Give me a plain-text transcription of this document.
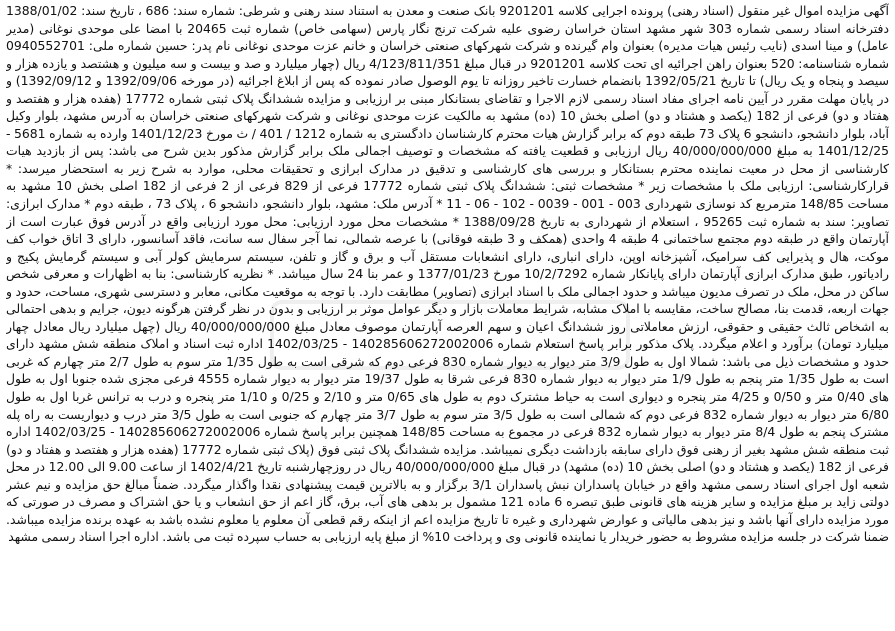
آگهی مزایده اموال غیر منقول (اسناد رهنی) پرونده اجرایی کلاسه 9201201 بانک صنعت و معدن به استناد سند رهنی و شرطی: شماره سند: 686 ، تاریخ سند: 1388/01/02 دفترخانه اسناد رسمی شماره 303 شهر مشهد استان خراسان رضوی علیه شرکت ترنج نگار پارس (سهامی خاص) شماره ثبت 20465 با امضا علی موحدی نوغانی (مدیر عامل) و مینا اسدی (نایب رئیس هیات مدیره) بعنوان وام گیرنده و شرکت شهرکهای صنعتی خراسان و خانم عزت موحدی نوغانی نام پدر: حسین شماره ملی: 0940552701 شماره شناسنامه: 520 بعنوان راهن اجرائیه ای تحت کلاسه 9201201 در قبال مبلغ 4/123/811/351 ریال (چهار میلیارد و صد و بیست و سه میلیون و هشتصد و یازده هزار و سیصد و پنجاه و یک ریال) تا تاریخ 1392/05/21 بانضمام خسارت تاخیر روزانه تا یوم الوصول صادر نموده که پس از ابلاغ اجرائیه (در مورخه 1392/09/06 و 1392/09/12) و در پایان مهلت مقرر در آیین نامه اجرای مفاد اسناد رسمی لازم الاجرا و تقاضای بستانکار مبنی بر ارزیابی و مزایده ششدانگ پلاک ثبتی شماره 17772 (هفده هزار و هفتصد و هفتاد و دو) فرعی از 182 (یکصد و هشتاد و دو) اصلی بخش 10 (ده) مشهد به مالکیت عزت موحدی نوغانی و شرکت شهرکهای صنعتی خراسان به آدرس مشهد، بلوار وکیل آباد، بلوار دانشجو، دانشجو 6 پلاک 73 طبقه دوم که برابر گزارش هیات محترم کارشناسان دادگستری به شماره 1212 / 401 / ث مورخ 1401/12/23 وارده به شماره 5681 - 1401/12/25 به مبلغ 40/000/000/000 ریال ارزیابی و قطعیت یافته که مشخصات و توصیف اجمالی ملک برابر گزارش مذکور بدین شرح می باشد: پس از بازدید هیات کارشناسی از محل در معیت نماینده محترم بستانکار و بررسی های کارشناسی و تدقیق در مدارک ابرازی و تحقیقات محلی، موارد به شرح زیر به استحضار میرسد: * قرارکارشناسی: ارزیابی ملک با مشخصات زیر * مشخصات ثبتی: ششدانگ پلاک ثبتی شماره 17772 فرعی از 829 فرعی از 2 فرعی از 182 اصلی بخش 10 مشهد به مساحت 148/85 مترمربع کد نوسازی شهرداری 003 - 001 - 0039 - 102 - 06 - 11 * آدرس ملک: مشهد، بلوار دانشجو، دانشجو 6 ، پلاک 73 ، طبقه دوم * مدارک ابرازی: تصاویر: سند به شماره ثبت 95265 ، استعلام از شهرداری به تاریخ 1388/09/28 * مشخصات محل مورد ارزیابی: محل مورد ارزیابی واقع در آدرس فوق عبارت است از آپارتمان واقع در طبقه دوم مجتمع ساختمانی 4 طبقه 4 واحدی (همکف و 3 طبقه فوقانی) با عرصه شمالی، نما آجر سفال سه سانت، فاقد آسانسور، دارای 3 اتاق خواب کف موکت، هال و پذیرایی کف سرامیک، آشپزخانه اوپن، دارای انباری، دارای انشعابات مستقل آب و برق و گاز و تلفن، سیستم سرمایش کولر آبی و سیستم گرمایش پکیج و رادیاتور، طبق مدارک ابرازی آپارتمان دارای پایانکار شماره 10/2/7292 مورخ 1377/01/23 و عمر بنا 24 سال میباشد. * نظریه کارشناسی: بنا به اظهارات و معرفی شخص ساکن در محل، ملک در تصرف مدیون میباشد و حدود اجمالی ملک با اسناد ابرازی (تصاویر) مطابقت دارد. با توجه به موقعیت مکانی، معابر و دسترسی شهری، مساحت، حدود و جهات اربعه، قدمت بنا، مصالح ساخت، مقایسه با املاک مشابه، شرایط معاملات بازار و دیگر عوامل موثر بر ارزیابی و بدون در نظر گرفتن هرگونه دیون، جرایم و بدهی احتمالی به اشخاص ثالث حقیقی و حقوقی، ارزش معاملاتی روز ششدانگ اعیان و سهم العرصه آپارتمان موصوف معادل مبلغ 40/000/000/000 ریال (چهل میلیارد ریال معادل چهار میلیارد تومان) برآورد و اعلام میگردد. پلاک مذکور برابر پاسخ استعلام شماره 140285606272002006 - 1402/03/25 اداره ثبت اسناد و املاک منطقه شش مشهد دارای حدود و مشخصات ذیل می باشد: شمالا اول به طول 3/9 متر دیوار به دیوار شماره 830 فرعی دوم که شرقی است به طول 1/35 متر سوم به طول 2/7 متر چهارم که غربی است به طول 1/35 متر پنجم به طول 1/9 متر دیوار به دیوار شماره 830 فرعی شرقا به طول 19/37 متر دیوار به دیوار شماره 4555 فرعی مجزی شده جنوبا اول به طول های 0/40 متر و 0/50 و 4/25 متر پنجره و دیواری است به حیاط مشترک دوم به طول های 0/65 متر و 2/10 و 0/25 و 1/10 متر پنجره و درب به ترانس غربا اول به طول 6/80 متر دیوار به دیوار شماره 832 فرعی دوم که شمالی است به طول 3/5 متر سوم به طول 3/7 متر چهارم که جنوبی است به طول 3/5 متر درب و دیواریست به راه پله مشترک پنجم به طول 8/4 متر دیوار به دیوار شماره 832 فرعی در مجموع به مساحت 148/85 همچنین برابر پاسخ شماره 140285606272002006 - 1402/03/25 اداره ثبت منطقه شش مشهد بغیر از رهنی فوق دارای سابقه بازداشت دیگری نمیباشد. مزایده ششدانگ پلاک ثبتی فوق (پلاک ثبتی شماره 17772 (هفده هزار و هفتصد و هفتاد و دو) فرعی از 182 (یکصد و هشتاد و دو) اصلی بخش 10 (ده) مشهد) در قبال مبلغ 40/000/000/000 ریال در روزچهارشنبه تاریخ 1402/4/21 از ساعت 9.00 الی 12.00 در محل شعبه اول اجرای اسناد رسمی مشهد واقع در خیابان پاسداران نبش پاسداران 3/1 برگزار و به بالاترین قیمت پیشنهادی نقدا واگذار میگردد. ضمناً مبالغ حق مزایده و نیم عشر دولتی زاید بر مبلغ مزایده و سایر هزینه های قانونی طبق تبصره 6 ماده 121 مشمول بر بدهی های آب، برق، گاز اعم از حق انشعاب و یا حق اشتراک و مصرف در صورتی که مورد مزایده دارای آنها باشد و نیز بدهی مالیاتی و عوارض شهرداری و غیره تا تاریخ مزایده اعم از اینکه رقم قطعی آن معلوم یا معلوم نشده باشد به عهده برنده مزایده میباشد. ضمنا شرکت در جلسه مزایده مشروط به حضور خریدار یا نماینده قانونی وی و پرداخت 10% از مبلغ پایه ارزیابی به حساب سپرده ثبت می باشد. اداره اجرا اسناد رسمی مشهد
